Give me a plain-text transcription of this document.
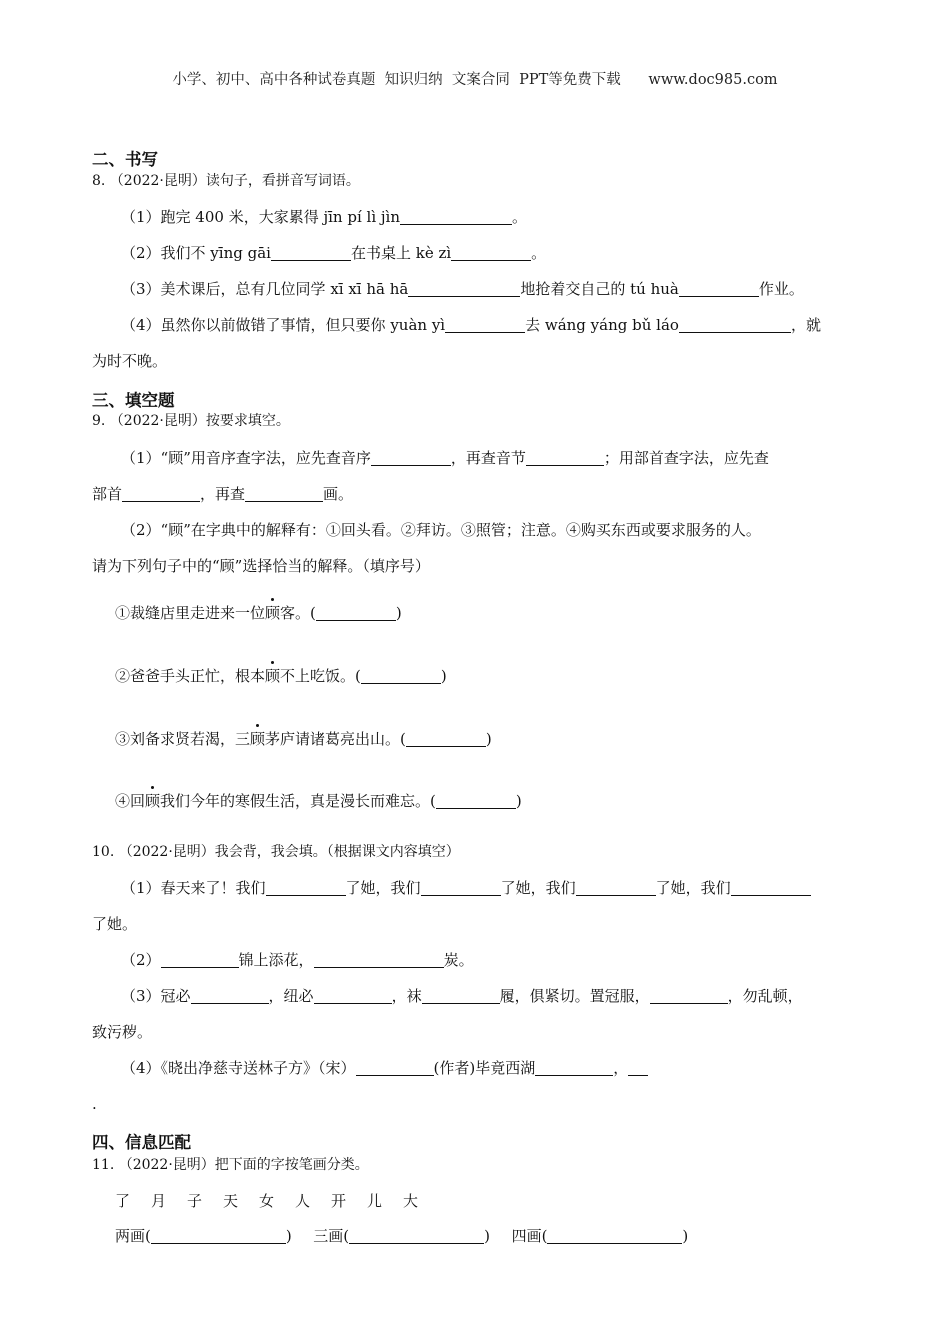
小学、初中、高中各种试卷真题  知识归纳  文案合同  PPT等免费下载      www.doc985.com
二、书写
8. （2022·昆明）读句子，看拼音写词语。
（1）跑完 400 米，大家累得 jīn pí lì jìn	。
（2）我们不 yīng gāi	在书桌上 kè zì	。
（3）美术课后，总有几位同学 xī xī hā hā	地抢着交自己的 tú huà	作业。
（4）虽然你以前做错了事情，但只要你 yuàn yì	去 wáng yáng bǔ láo	，就
为时不晚。
三、填空题
9. （2022·昆明）按要求填空。
（1）“顾”用音序查字法，应先查音序	，再查音节	；用部首查字法，应先查
部首	，再查	画。
（2）“顾”在字典中的解释有：①回头看。②拜访。③照管；注意。④购买东西或要求服务的人。
请为下列句子中的“顾”选择恰当的解释。（填序号）
①裁缝店里走进来一位顾客。(	)
②爸爸手头正忙，根本顾不上吃饭。(	)
③刘备求贤若渴，三顾茅庐请诸葛亮出山。(	)
④回顾我们今年的寒假生活，真是漫长而难忘。(	)
10. （2022·昆明）我会背，我会填。（根据课文内容填空）
（1）春天来了！我们	了她，我们	了她，我们	了她，我们
了她。
（2）	锦上添花，	炭。
（3）冠必	，纽必	，袜	履，俱紧切。置冠服，	，勿乱顿，
致污秽。
（4）《晓出净慈寺送林子方》（宋）	(作者)毕竟西湖	，
.
四、信息匹配
11. （2022·昆明）把下面的字按笔画分类。
了 月 子 天 女 人 开 儿 大
两画(	) 三画(	) 四画(	)
